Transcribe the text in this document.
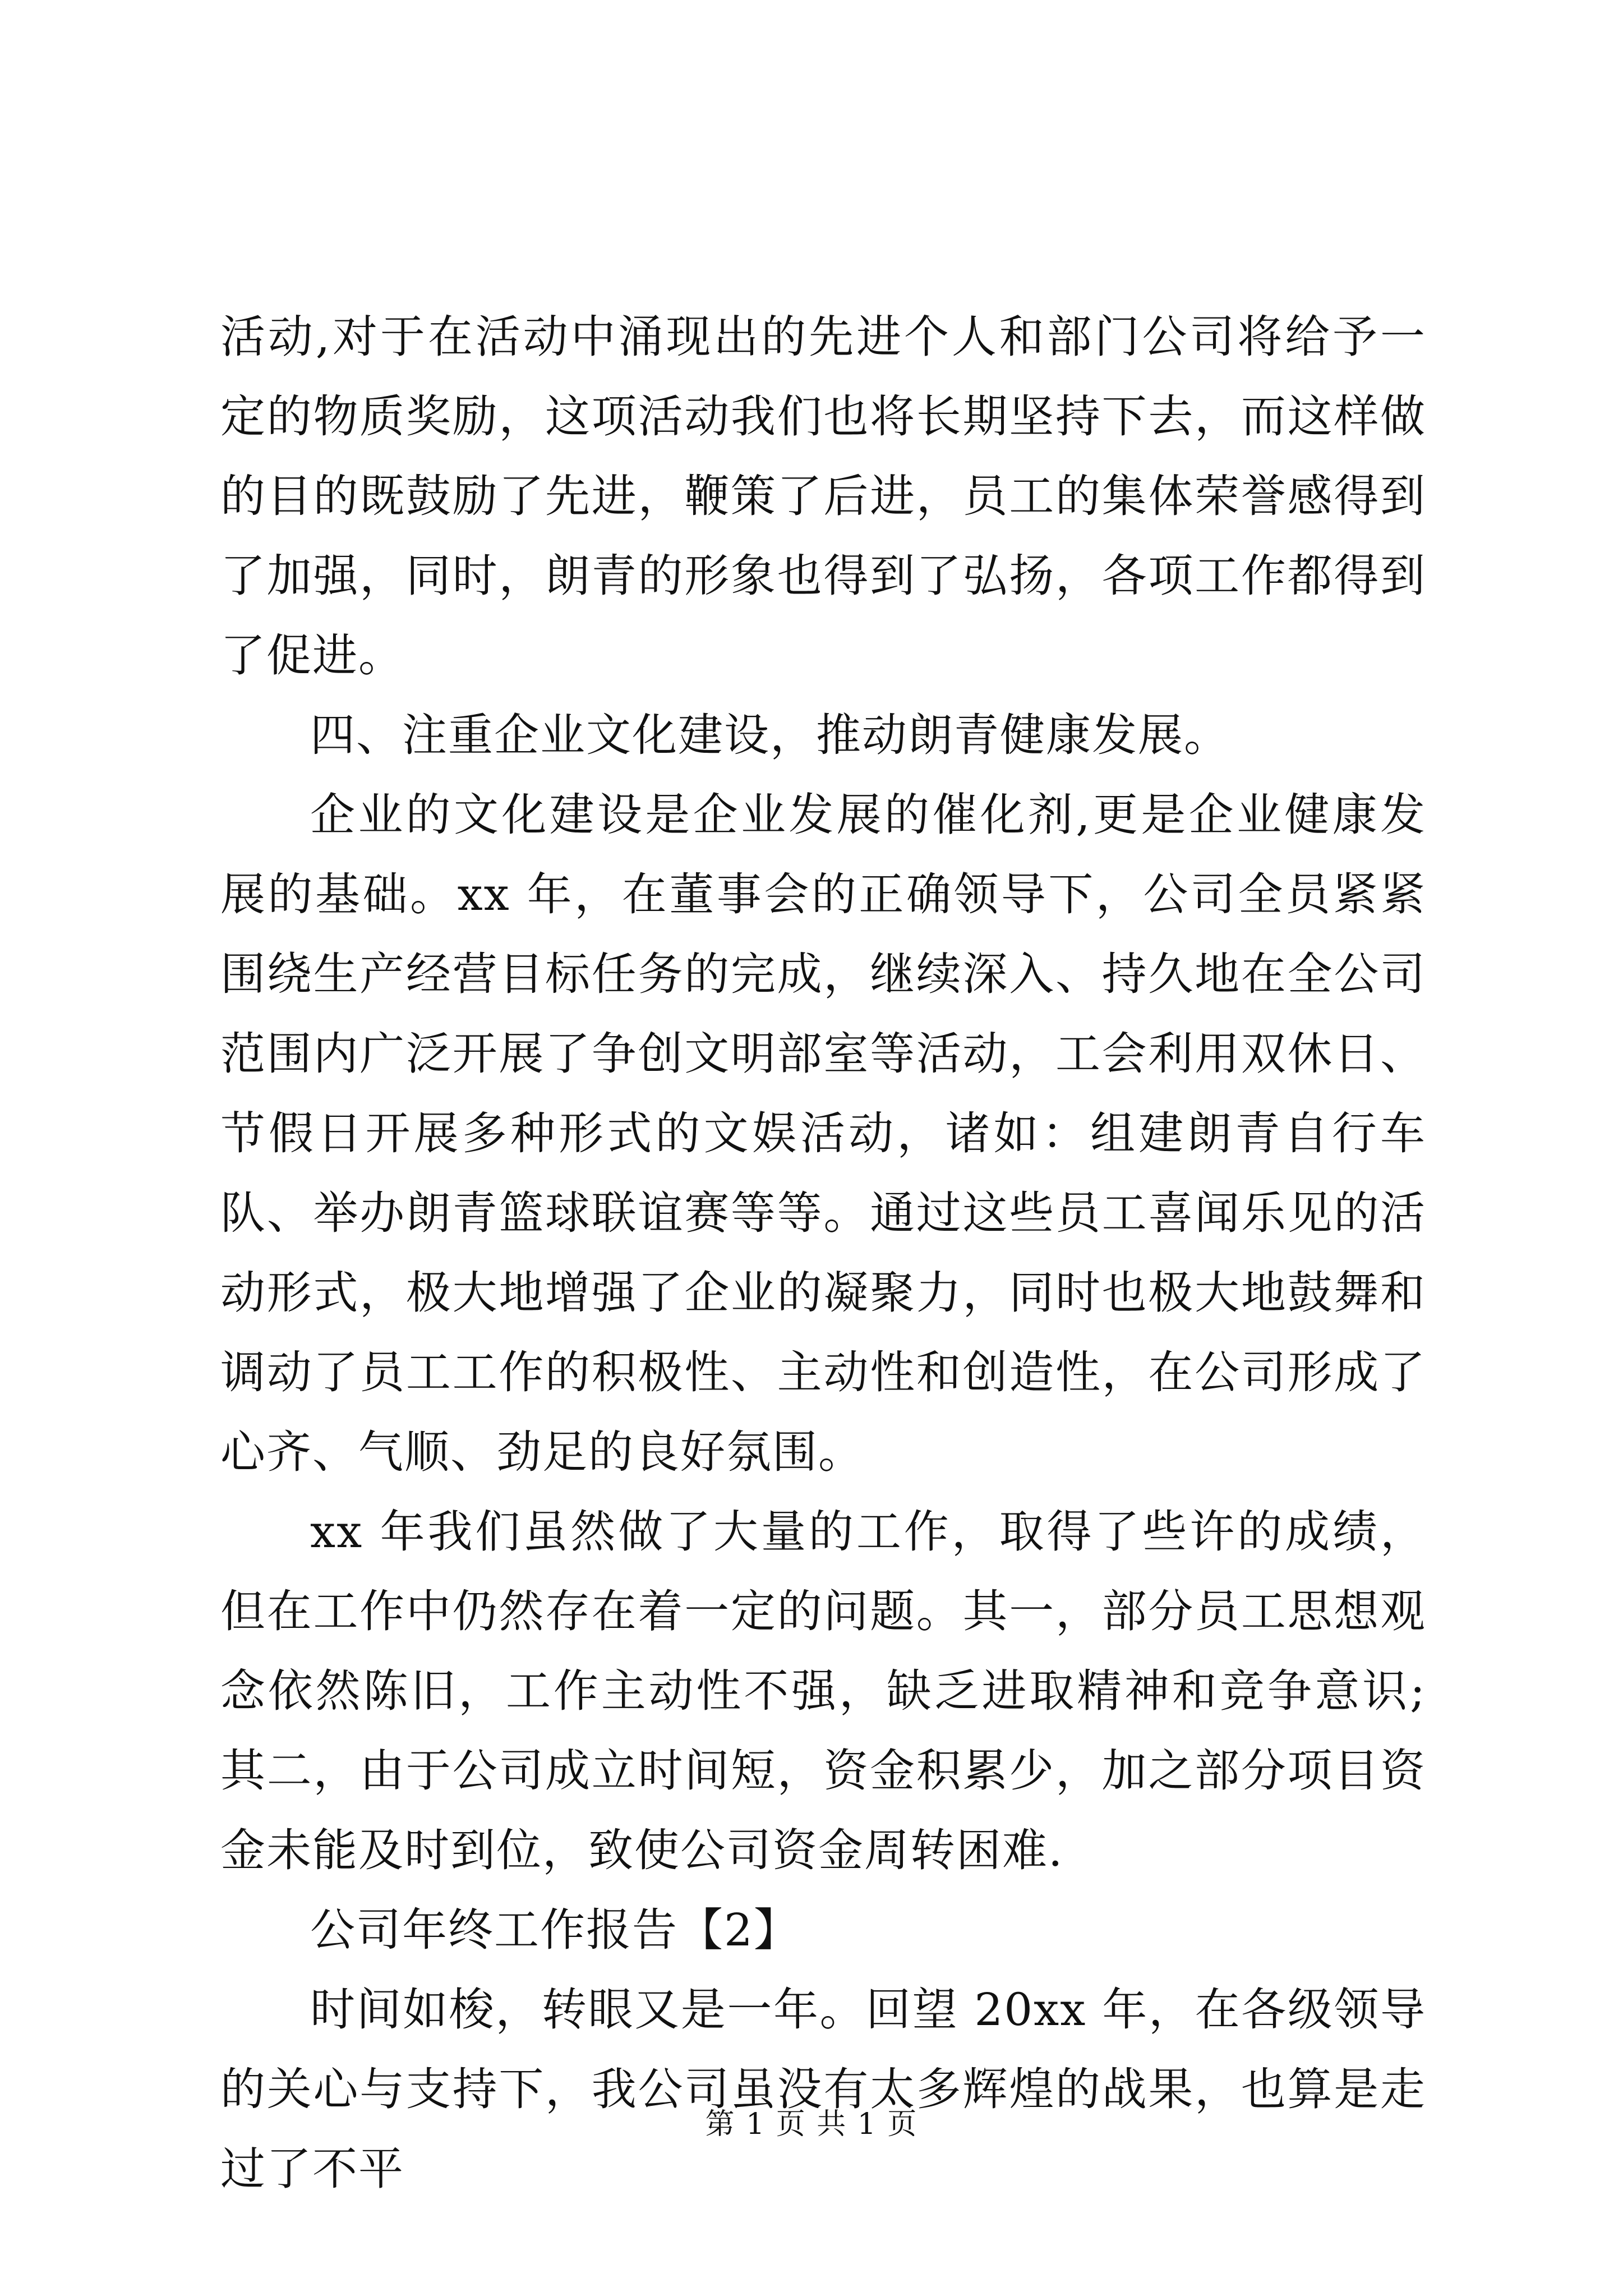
活动,对于在活动中涌现出的先进个人和部门公司将给予一定的物质奖励，这项活动我们也将长期坚持下去，而这样做的目的既鼓励了先进，鞭策了后进，员工的集体荣誉感得到了加强，同时，朗青的形象也得到了弘扬，各项工作都得到了促进。

四、注重企业文化建设，推动朗青健康发展。

企业的文化建设是企业发展的催化剂,更是企业健康发展的基础。xx 年，在董事会的正确领导下，公司全员紧紧围绕生产经营目标任务的完成，继续深入、持久地在全公司范围内广泛开展了争创文明部室等活动，工会利用双休日、节假日开展多种形式的文娱活动，诸如：组建朗青自行车队、举办朗青篮球联谊赛等等。通过这些员工喜闻乐见的活动形式，极大地增强了企业的凝聚力，同时也极大地鼓舞和调动了员工工作的积极性、主动性和创造性，在公司形成了心齐、气顺、劲足的良好氛围。

xx 年我们虽然做了大量的工作，取得了些许的成绩，但在工作中仍然存在着一定的问题。其一，部分员工思想观念依然陈旧，工作主动性不强，缺乏进取精神和竞争意识;其二，由于公司成立时间短，资金积累少，加之部分项目资金未能及时到位，致使公司资金周转困难.

公司年终工作报告【2】

时间如梭，转眼又是一年。回望 20xx 年，在各级领导的关心与支持下，我公司虽没有太多辉煌的战果，也算是走过了不平

第 1 页 共 1 页
